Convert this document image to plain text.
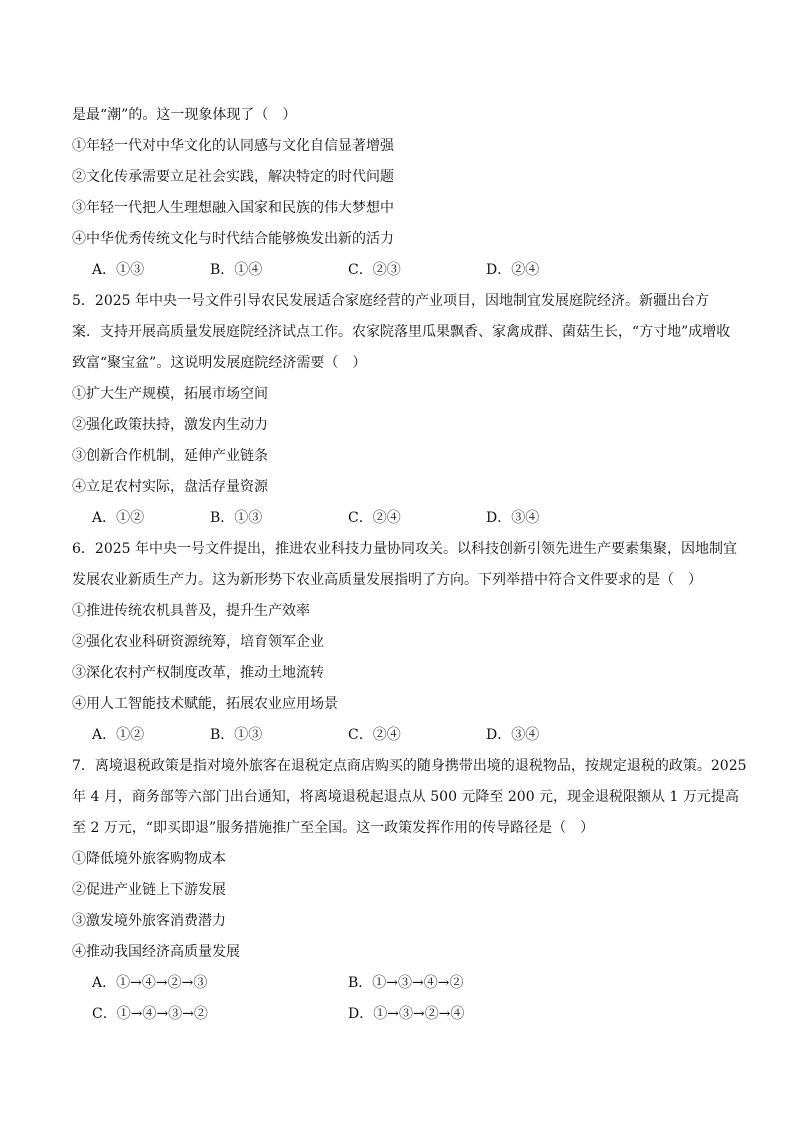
是最“潮”的。这一现象体现了（　）
①年轻一代对中华文化的认同感与文化自信显著增强
②文化传承需要立足社会实践，解决特定的时代问题
③年轻一代把人生理想融入国家和民族的伟大梦想中
④中华优秀传统文化与时代结合能够焕发出新的活力
A．①③	B．①④	C．②③	D．②④
5．2025 年中央一号文件引导农民发展适合家庭经营的产业项目，因地制宜发展庭院经济。新疆出台方
案．支持开展高质量发展庭院经济试点工作。农家院落里瓜果飘香、家禽成群、菌菇生长，“方寸地”成增收
致富“聚宝盆”。这说明发展庭院经济需要（　）
①扩大生产规模，拓展市场空间
②强化政策扶持，激发内生动力
③创新合作机制，延伸产业链条
④立足农村实际，盘活存量资源
A．①②	B．①③	C．②④	D．③④
6．2025 年中央一号文件提出，推进农业科技力量协同攻关。以科技创新引领先进生产要素集聚，因地制宜
发展农业新质生产力。这为新形势下农业高质量发展指明了方向。下列举措中符合文件要求的是（　）
①推进传统农机具普及，提升生产效率
②强化农业科研资源统筹，培育领军企业
③深化农村产权制度改革，推动土地流转
④用人工智能技术赋能，拓展农业应用场景
A．①②	B．①③	C．②④	D．③④
7．离境退税政策是指对境外旅客在退税定点商店购买的随身携带出境的退税物品，按规定退税的政策。2025
年 4 月，商务部等六部门出台通知，将离境退税起退点从 500 元降至 200 元，现金退税限额从 1 万元提高
至 2 万元，“即买即退”服务措施推广至全国。这一政策发挥作用的传导路径是（　）
①降低境外旅客购物成本
②促进产业链上下游发展
③激发境外旅客消费潜力
④推动我国经济高质量发展
A．①→④→②→③	B．①→③→④→②
C．①→④→③→②	D．①→③→②→④
